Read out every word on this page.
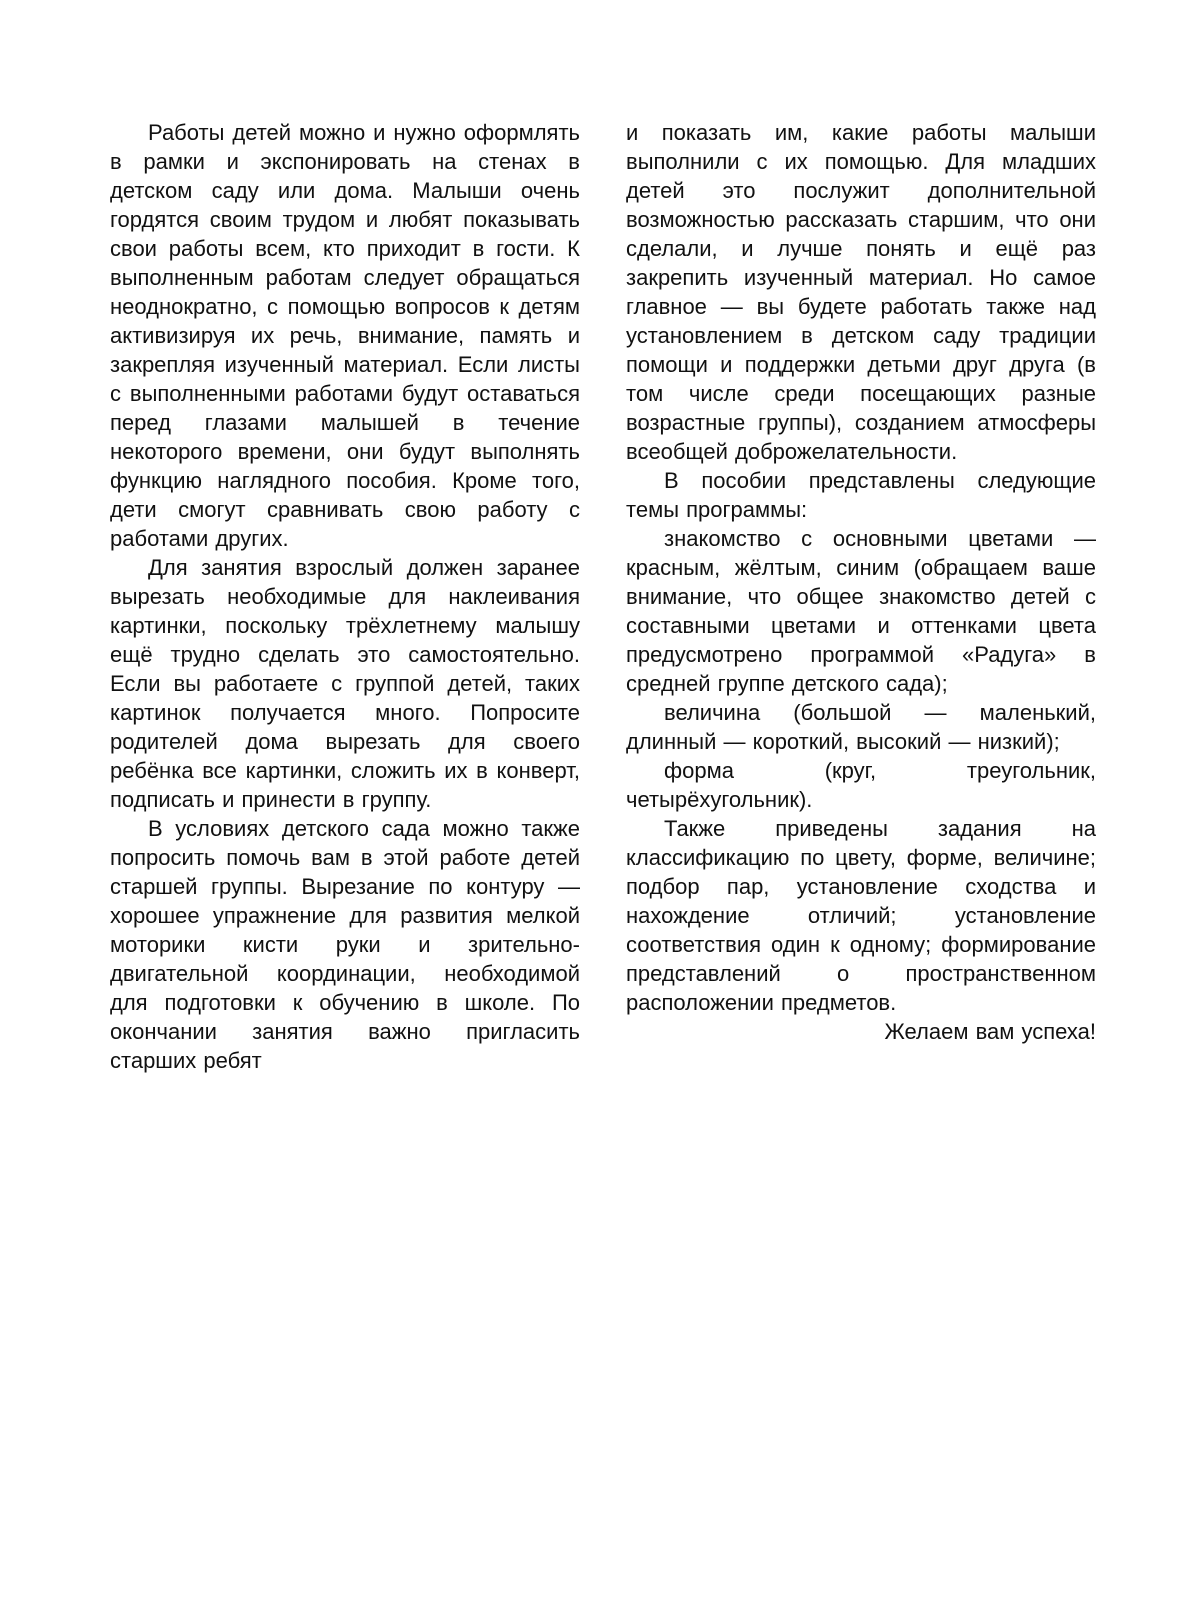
Работы детей можно и нужно оформлять в рамки и экспонировать на стенах в детском саду или дома. Малыши очень гордятся своим трудом и любят показывать свои работы всем, кто приходит в гости. К выполненным работам следует обращаться неоднократно, с помощью вопросов к детям активизируя их речь, внимание, память и закрепляя изученный материал. Если листы с выполненными работами будут оставаться перед глазами малышей в течение некоторого времени, они будут выполнять функцию наглядного пособия. Кроме того, дети смогут сравнивать свою работу с работами других.

Для занятия взрослый должен заранее вырезать необходимые для наклеивания картинки, поскольку трёхлетнему малышу ещё трудно сделать это самостоятельно. Если вы работаете с группой детей, таких картинок получается много. Попросите родителей дома вырезать для своего ребёнка все картинки, сложить их в конверт, подписать и принести в группу.

В условиях детского сада можно также попросить помочь вам в этой работе детей старшей группы. Вырезание по контуру — хорошее упражнение для развития мелкой моторики кисти руки и зрительно-двигательной координации, необходимой для подготовки к обучению в школе. По окончании занятия важно пригласить старших ребят

и показать им, какие работы малыши выполнили с их помощью. Для младших детей это послужит дополнительной возможностью рассказать старшим, что они сделали, и лучше понять и ещё раз закрепить изученный материал. Но самое главное — вы будете работать также над установлением в детском саду традиции помощи и поддержки детьми друг друга (в том числе среди посещающих разные возрастные группы), созданием атмосферы всеобщей доброжелательности.

В пособии представлены следующие темы программы:

знакомство с основными цветами — красным, жёлтым, синим (обращаем ваше внимание, что общее знакомство детей с составными цветами и оттенками цвета предусмотрено программой «Радуга» в средней группе детского сада);

величина (большой — маленький, длинный — короткий, высокий — низкий);

форма (круг, треугольник, четырёхугольник).

Также приведены задания на классификацию по цвету, форме, величине; подбор пар, установление сходства и нахождение отличий; установление соответствия один к одному; формирование представлений о пространственном расположении предметов.

Желаем вам успеха!
